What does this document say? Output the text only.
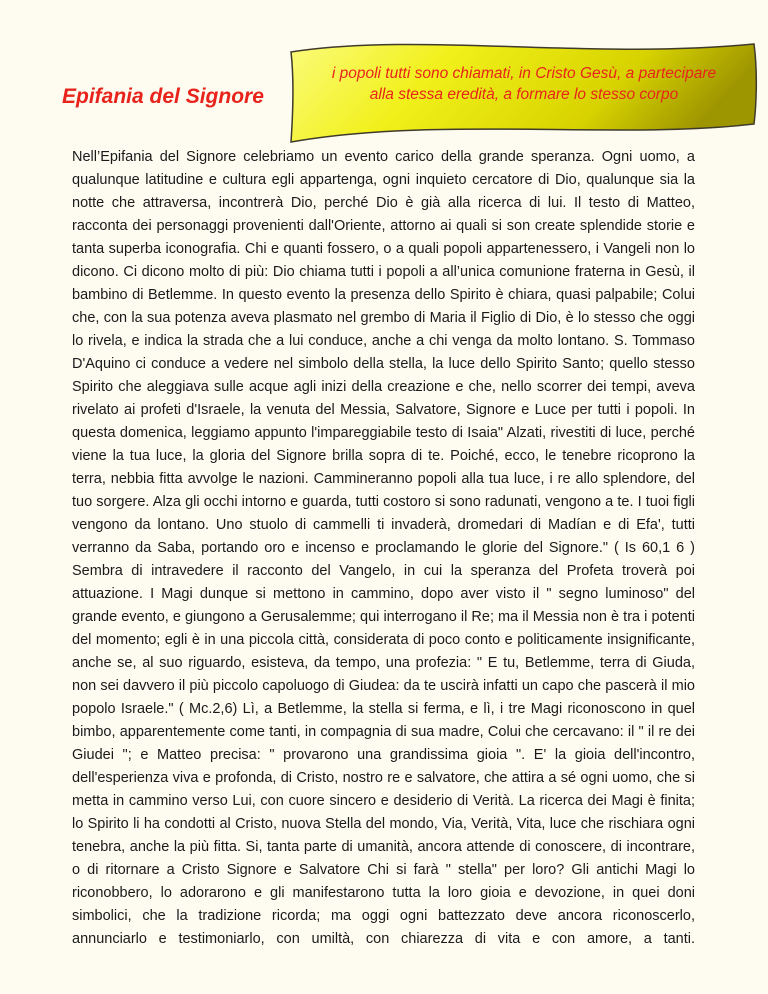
Epifania del Signore
i popoli tutti sono chiamati, in Cristo Gesù, a partecipare
alla stessa eredità, a formare lo stesso corpo

Nell’Epifania del Signore celebriamo un evento carico della grande speranza. Ogni uomo, a qualunque latitudine e cultura egli appartenga, ogni inquieto cercatore di Dio, qualunque sia la notte che attraversa, incontrerà Dio, perché Dio è già alla ricerca di lui. Il testo di Matteo, racconta dei personaggi provenienti dall'Oriente, attorno ai quali si son create splendide storie e tanta superba iconografia. Chi e quanti fossero, o a quali popoli appartenessero, i Vangeli non lo dicono. Ci dicono molto di più: Dio chiama tutti i popoli a all’unica comunione fraterna in Gesù, il bambino di Betlemme. In questo evento la presenza dello Spirito è chiara, quasi palpabile; Colui che, con la sua potenza aveva plasmato nel grembo di Maria il Figlio di Dio, è lo stesso che oggi lo rivela, e indica la strada che a lui conduce, anche a chi venga da molto lontano. S. Tommaso D'Aquino ci conduce a vedere nel simbolo della stella, la luce dello Spirito Santo; quello stesso Spirito che aleggiava sulle acque agli inizi della creazione e che, nello scorrer dei tempi, aveva rivelato ai profeti d'Israele, la venuta del Messia, Salvatore, Signore e Luce per tutti i popoli. In questa domenica, leggiamo appunto l'impareggiabile testo di Isaia" Alzati, rivestiti di luce, perché viene la tua luce, la gloria del Signore brilla sopra di te. Poiché, ecco, le tenebre ricoprono la terra, nebbia fitta avvolge le nazioni. Cammineranno popoli alla tua luce, i re allo splendore, del tuo sorgere. Alza gli occhi intorno e guarda, tutti costoro si sono radunati, vengono a te. I tuoi figli vengono da lontano. Uno stuolo di cammelli ti invaderà, dromedari di Madían e di Efa', tutti verranno da Saba, portando oro e incenso e proclamando le glorie del Signore." ( Is 60,1 6 ) Sembra di intravedere il racconto del Vangelo, in cui la speranza del Profeta troverà poi attuazione. I Magi dunque si mettono in cammino, dopo aver visto il " segno luminoso" del grande evento, e giungono a Gerusalemme; qui interrogano il Re; ma il Messia non è tra i potenti del momento; egli è in una piccola città, considerata di poco conto e politicamente insignificante, anche se, al suo riguardo, esisteva, da tempo, una profezia: " E tu, Betlemme, terra di Giuda, non sei davvero il più piccolo capoluogo di Giudea: da te uscirà infatti un capo che pascerà il mio popolo Israele." ( Mc.2,6) Lì, a Betlemme, la stella si ferma, e lì, i tre Magi riconoscono in quel bimbo, apparentemente come tanti, in compagnia di sua madre, Colui che cercavano: il " il re dei Giudei "; e Matteo precisa: " provarono una grandissima gioia ". E' la gioia dell'incontro, dell'esperienza viva e profonda, di Cristo, nostro re e salvatore, che attira a sé ogni uomo, che si metta in cammino verso Lui, con cuore sincero e desiderio di Verità. La ricerca dei Magi è finita; lo Spirito li ha condotti al Cristo, nuova Stella del mondo, Via, Verità, Vita, luce che rischiara ogni tenebra, anche la più fitta. Si, tanta parte di umanità, ancora attende di conoscere, di incontrare, o di ritornare a Cristo Signore e Salvatore Chi si farà " stella" per loro? Gli antichi Magi lo riconobbero, lo adorarono e gli manifestarono tutta la loro gioia e devozione, in quei doni simbolici, che la tradizione ricorda; ma oggi ogni battezzato deve ancora riconoscerlo, annunciarlo e testimoniarlo, con umiltà, con chiarezza di vita e con amore, a tanti.
